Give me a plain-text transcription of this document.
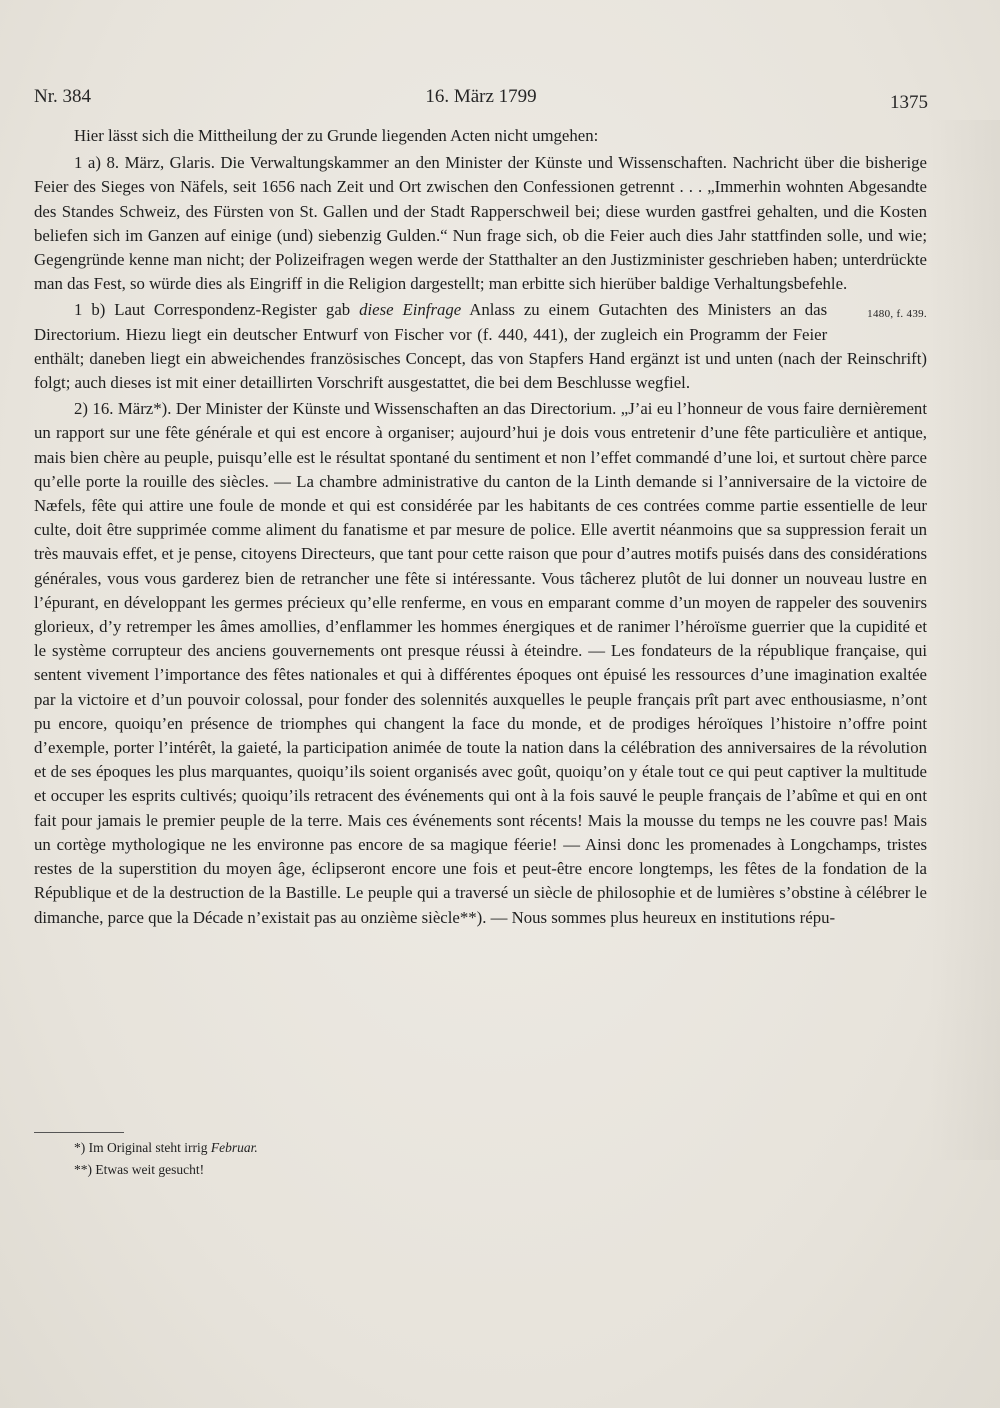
Nr. 384	16. März 1799	1375

Hier lässt sich die Mittheilung der zu Grunde liegenden Acten nicht umgehen:

1 a) 8. März, Glaris. Die Verwaltungskammer an den Minister der Künste und Wissenschaften. Nachricht über die bisherige Feier des Sieges von Näfels, seit 1656 nach Zeit und Ort zwischen den Confessionen getrennt . . . „Immerhin wohnten Abgesandte des Standes Schweiz, des Fürsten von St. Gallen und der Stadt Rapperschweil bei; diese wurden gastfrei gehalten, und die Kosten beliefen sich im Ganzen auf einige (und) siebenzig Gulden.“ Nun frage sich, ob die Feier auch dies Jahr stattfinden solle, und wie; Gegengründe kenne man nicht; der Polizeifragen wegen werde der Statthalter an den Justizminister geschrieben haben; unterdrückte man das Fest, so würde dies als Eingriff in die Religion dargestellt; man erbitte sich hierüber baldige Verhaltungsbefehle.
1480, f. 439.

1 b) Laut Correspondenz-Register gab diese Einfrage Anlass zu einem Gutachten des Ministers an das Directorium. Hiezu liegt ein deutscher Entwurf von Fischer vor (f. 440, 441), der zugleich ein Programm der Feier enthält; daneben liegt ein abweichendes französisches Concept, das von Stapfers Hand ergänzt ist und unten (nach der Reinschrift) folgt; auch dieses ist mit einer detaillirten Vorschrift ausgestattet, die bei dem Beschlusse wegfiel.

2) 16. März*). Der Minister der Künste und Wissenschaften an das Directorium. „J’ai eu l’honneur de vous faire dernièrement un rapport sur une fête générale et qui est encore à organiser; aujourd’hui je dois vous entretenir d’une fête particulière et antique, mais bien chère au peuple, puisqu’elle est le résultat spontané du sentiment et non l’effet commandé d’une loi, et surtout chère parce qu’elle porte la rouille des siècles. — La chambre administrative du canton de la Linth demande si l’anniversaire de la victoire de Næfels, fête qui attire une foule de monde et qui est considérée par les habitants de ces contrées comme partie essentielle de leur culte, doit être supprimée comme aliment du fanatisme et par mesure de police. Elle avertit néanmoins que sa suppression ferait un très mauvais effet, et je pense, citoyens Directeurs, que tant pour cette raison que pour d’autres motifs puisés dans des considérations générales, vous vous garderez bien de retrancher une fête si intéressante. Vous tâcherez plutôt de lui donner un nouveau lustre en l’épurant, en développant les germes précieux qu’elle renferme, en vous en emparant comme d’un moyen de rappeler des souvenirs glorieux, d’y retremper les âmes amollies, d’enflammer les hommes énergiques et de ranimer l’héroïsme guerrier que la cupidité et le système corrupteur des anciens gouvernements ont presque réussi à éteindre. — Les fondateurs de la république française, qui sentent vivement l’importance des fêtes nationales et qui à différentes époques ont épuisé les ressources d’une imagination exaltée par la victoire et d’un pouvoir colossal, pour fonder des solennités auxquelles le peuple français prît part avec enthousiasme, n’ont pu encore, quoiqu’en présence de triomphes qui changent la face du monde, et de prodiges héroïques l’histoire n’offre point d’exemple, porter l’intérêt, la gaieté, la participation animée de toute la nation dans la célébration des anniversaires de la révolution et de ses époques les plus marquantes, quoiqu’ils soient organisés avec goût, quoiqu’on y étale tout ce qui peut captiver la multitude et occuper les esprits cultivés; quoiqu’ils retracent des événements qui ont à la fois sauvé le peuple français de l’abîme et qui en ont fait pour jamais le premier peuple de la terre. Mais ces événements sont récents! Mais la mousse du temps ne les couvre pas! Mais un cortège mythologique ne les environne pas encore de sa magique féerie! — Ainsi donc les promenades à Longchamps, tristes restes de la superstition du moyen âge, éclipseront encore une fois et peut-être encore longtemps, les fêtes de la fondation de la République et de la destruction de la Bastille. Le peuple qui a traversé un siècle de philosophie et de lumières s’obstine à célébrer le dimanche, parce que la Décade n’existait pas au onzième siècle**). — Nous sommes plus heureux en institutions répu-

*) Im Original steht irrig Februar.
**) Etwas weit gesucht!
